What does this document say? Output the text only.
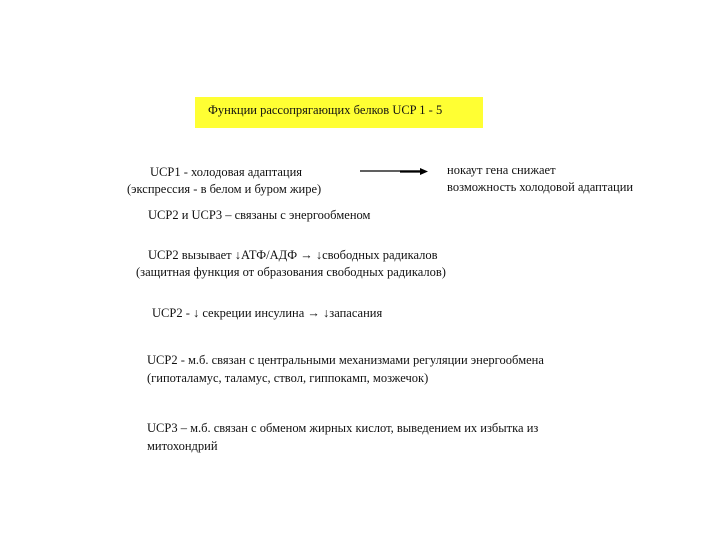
Функции рассопрягающих белков UCP 1 - 5
UCP1 - холодовая адаптация
(экспрессия - в белом и буром жире)
нокаут гена снижает
возможность холодовой адаптации
UCP2 и UCP3 – связаны с энергообменом
UCP2 вызывает ↓АТФ/АДФ → ↓свободных радикалов
(защитная функция от образования свободных радикалов)
UCP2 - ↓ секреции инсулина → ↓запасания
UCP2 - м.б. связан с центральными механизмами регуляции энергообмена
(гипоталамус, таламус, ствол, гиппокамп, мозжечок)
UCP3 – м.б. связан с обменом жирных кислот, выведением их избытка из
митохондрий
